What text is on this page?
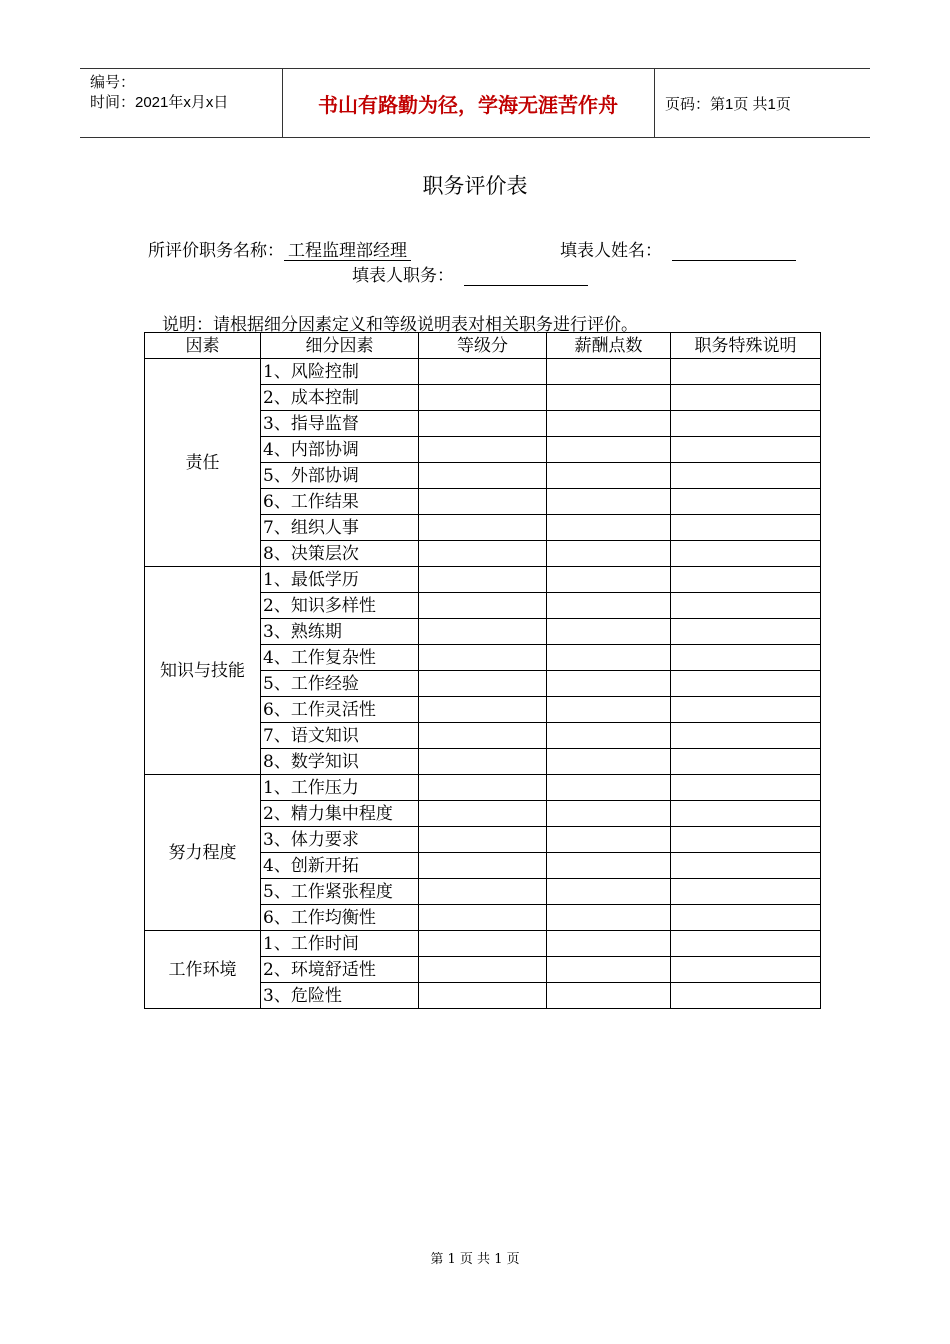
编号：
时间：2021年x月x日	书山有路勤为径，学海无涯苦作舟	页码：第1页 共1页
职务评价表
所评价职务名称： 工程监理部经理	填表人姓名：
填表人职务：
说明：请根据细分因素定义和等级说明表对相关职务进行评价。
因素	细分因素	等级分	薪酬点数	职务特殊说明
责任	1、风险控制			
	2、成本控制			
	3、指导监督			
	4、内部协调			
	5、外部协调			
	6、工作结果			
	7、组织人事			
	8、决策层次			
知识与技能	1、最低学历			
	2、知识多样性			
	3、熟练期			
	4、工作复杂性			
	5、工作经验			
	6、工作灵活性			
	7、语文知识			
	8、数学知识			
努力程度	1、工作压力			
	2、精力集中程度			
	3、体力要求			
	4、创新开拓			
	5、工作紧张程度			
	6、工作均衡性			
工作环境	1、工作时间			
	2、环境舒适性			
	3、危险性			
第 1 页 共 1 页
